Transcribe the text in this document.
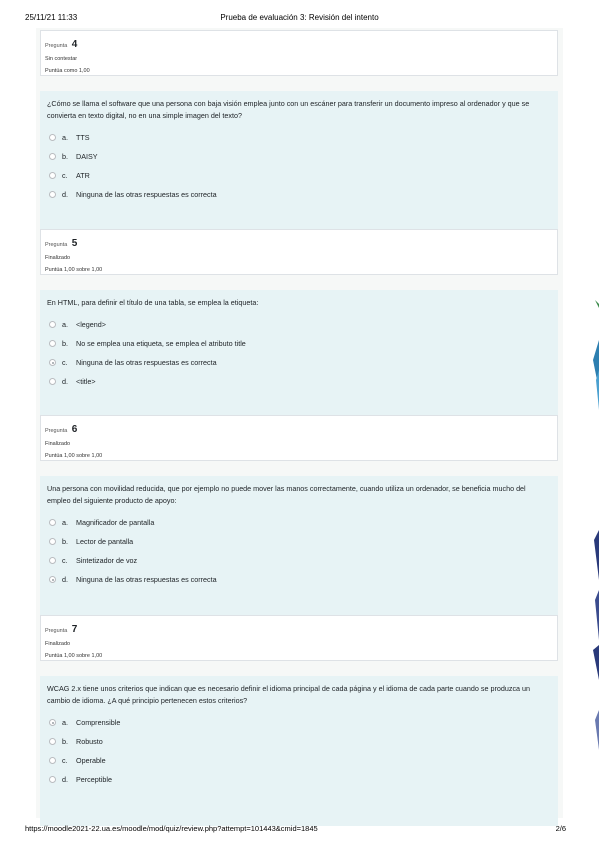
25/11/21 11:33	Prueba de evaluación 3: Revisión del intento
Pregunta 4
Sin contestar
Puntúa como 1,00
¿Cómo se llama el software que una persona con baja visión emplea junto con un escáner para transferir un documento impreso al ordenador y que se convierta en texto digital, no en una simple imagen del texto?
a.	TTS
b.	DAISY
c.	ATR
d.	Ninguna de las otras respuestas es correcta
Pregunta 5
Finalizado
Puntúa 1,00 sobre 1,00
En HTML, para definir el título de una tabla, se emplea la etiqueta:
a.	<legend>
b.	No se emplea una etiqueta, se emplea el atributo title
c.	Ninguna de las otras respuestas es correcta
d.	<title>
Pregunta 6
Finalizado
Puntúa 1,00 sobre 1,00
Una persona con movilidad reducida, que por ejemplo no puede mover las manos correctamente, cuando utiliza un ordenador, se beneficia mucho del empleo del siguiente producto de apoyo:
a.	Magnificador de pantalla
b.	Lector de pantalla
c.	Sintetizador de voz
d.	Ninguna de las otras respuestas es correcta
Pregunta 7
Finalizado
Puntúa 1,00 sobre 1,00
WCAG 2.x tiene unos criterios que indican que es necesario definir el idioma principal de cada página y el idioma de cada parte cuando se produzca un cambio de idioma. ¿A qué principio pertenecen estos criterios?
a.	Comprensible
b.	Robusto
c.	Operable
d.	Perceptible
https://moodle2021-22.ua.es/moodle/mod/quiz/review.php?attempt=101443&cmid=1845	2/6
